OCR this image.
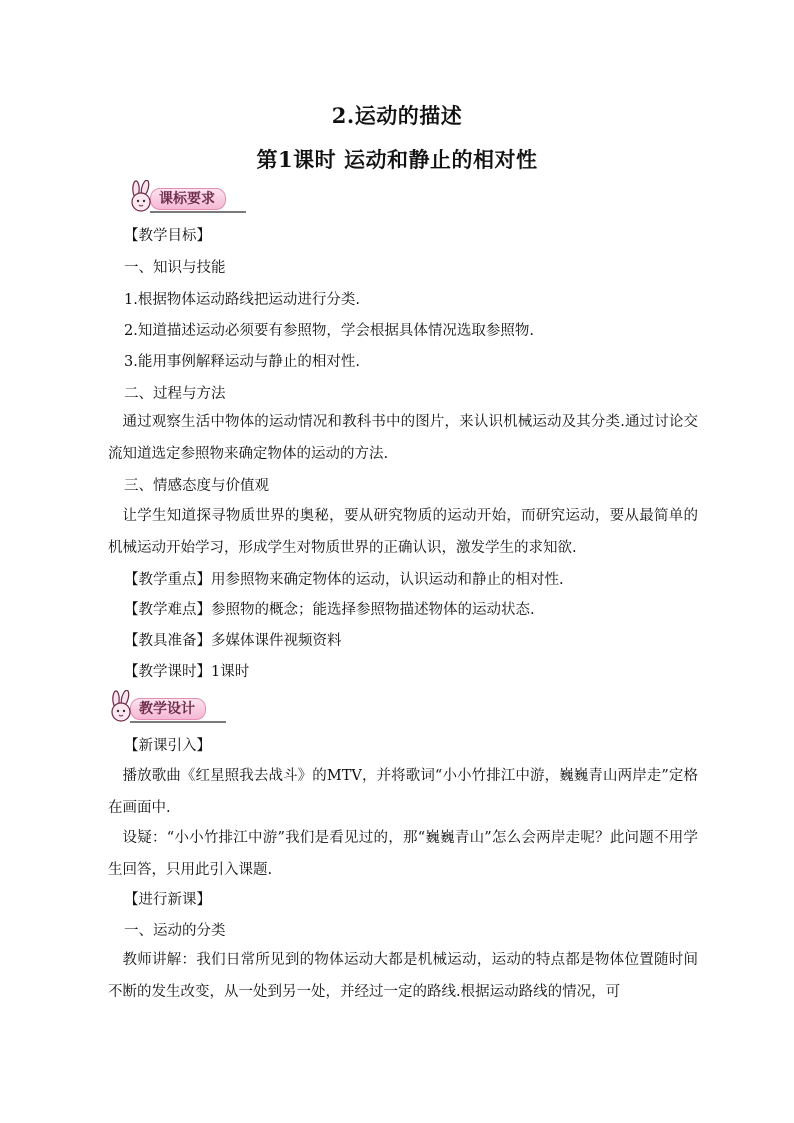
2.运动的描述
第1课时 运动和静止的相对性
课标要求
【教学目标】
一、知识与技能
1.根据物体运动路线把运动进行分类.
2.知道描述运动必须要有参照物，学会根据具体情况选取参照物.
3.能用事例解释运动与静止的相对性.
二、过程与方法
通过观察生活中物体的运动情况和教科书中的图片，来认识机械运动及其分类.通过讨论交流知道选定参照物来确定物体的运动的方法.
三、情感态度与价值观
让学生知道探寻物质世界的奥秘，要从研究物质的运动开始，而研究运动，要从最简单的机械运动开始学习，形成学生对物质世界的正确认识，激发学生的求知欲.
【教学重点】用参照物来确定物体的运动，认识运动和静止的相对性.
【教学难点】参照物的概念；能选择参照物描述物体的运动状态.
【教具准备】多媒体课件视频资料
【教学课时】1课时
教学设计
【新课引入】
播放歌曲《红星照我去战斗》的MTV，并将歌词“小小竹排江中游，巍巍青山两岸走”定格在画面中.
设疑：“小小竹排江中游”我们是看见过的，那“巍巍青山”怎么会两岸走呢？此问题不用学生回答，只用此引入课题.
【进行新课】
一、运动的分类
教师讲解：我们日常所见到的物体运动大都是机械运动，运动的特点都是物体位置随时间不断的发生改变，从一处到另一处，并经过一定的路线.根据运动路线的情况，可
